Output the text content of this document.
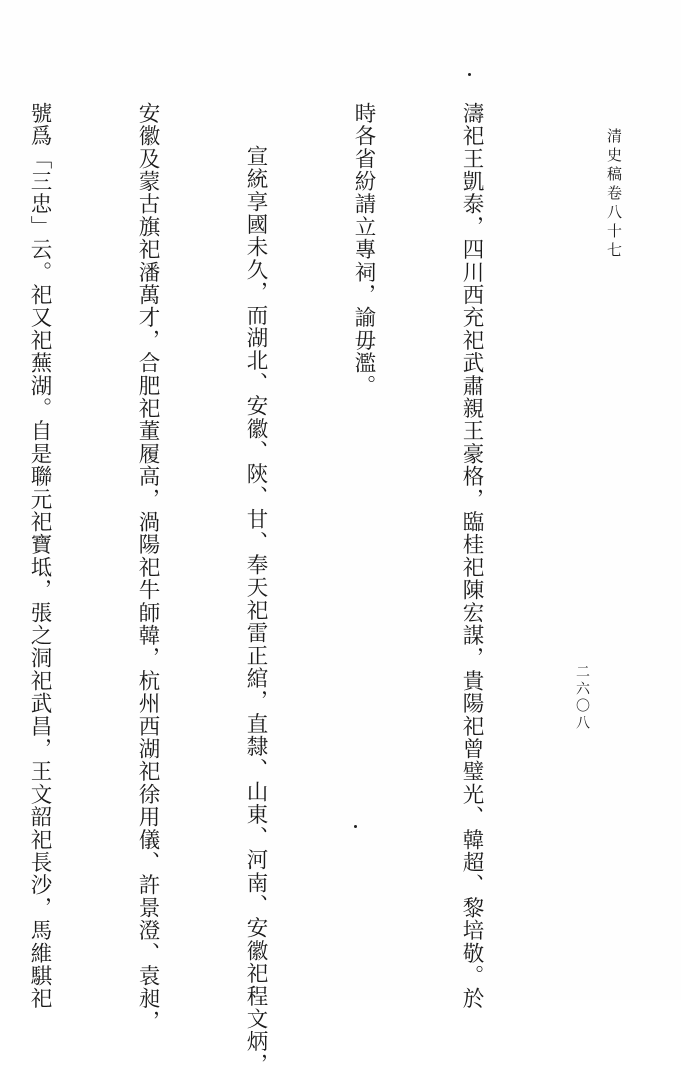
清史稿卷八十七
二六〇八

濤祀王凱泰，四川西充祀武肅親王豪格，臨桂祀陳宏謀，貴陽祀曾璧光、韓超、黎培敬。於

時各省紛請立專祠，諭毋濫。

宣統享國未久，而湖北、安徽、陝、甘、奉天祀雷正綰，直隸、山東、河南、安徽祀程文炳，

安徽及蒙古旗祀潘萬才，合肥祀董履高，渦陽祀牛師韓，杭州西湖祀徐用儀、許景澄、袁昶，

號爲「三忠」云。祀又祀蕪湖。自是聯元祀寶坻，張之洞祀武昌，王文韶祀長沙，馬維騏祀
